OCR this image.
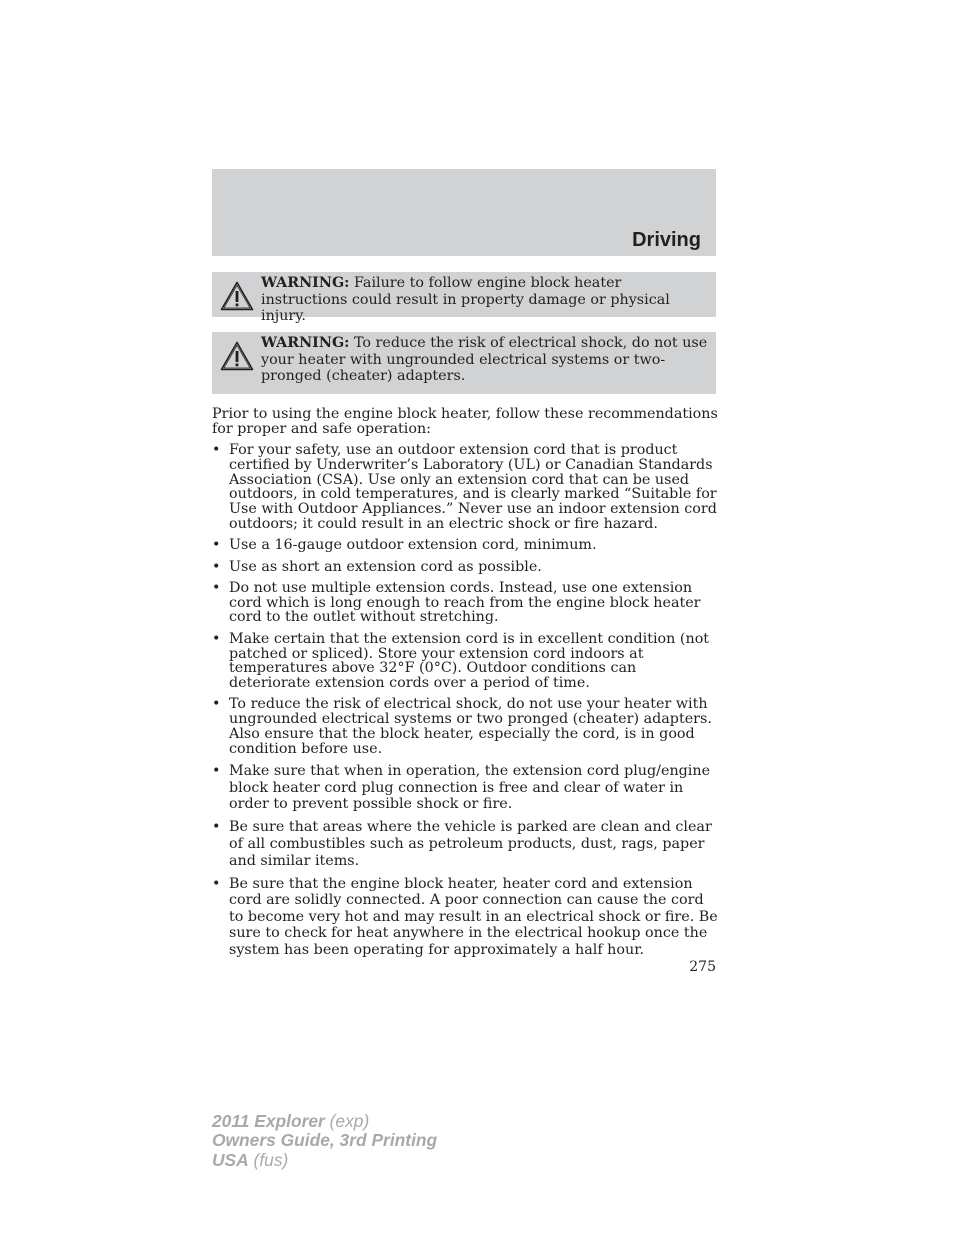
Driving
WARNING: Failure to follow engine block heater instructions could result in property damage or physical injury.
WARNING: To reduce the risk of electrical shock, do not use your heater with ungrounded electrical systems or two-pronged (cheater) adapters.
Prior to using the engine block heater, follow these recommendations for proper and safe operation:
• For your safety, use an outdoor extension cord that is product certified by Underwriter’s Laboratory (UL) or Canadian Standards Association (CSA). Use only an extension cord that can be used outdoors, in cold temperatures, and is clearly marked “Suitable for Use with Outdoor Appliances.” Never use an indoor extension cord outdoors; it could result in an electric shock or fire hazard.
• Use a 16-gauge outdoor extension cord, minimum.
• Use as short an extension cord as possible.
• Do not use multiple extension cords. Instead, use one extension cord which is long enough to reach from the engine block heater cord to the outlet without stretching.
• Make certain that the extension cord is in excellent condition (not patched or spliced). Store your extension cord indoors at temperatures above 32°F (0°C). Outdoor conditions can deteriorate extension cords over a period of time.
• To reduce the risk of electrical shock, do not use your heater with ungrounded electrical systems or two pronged (cheater) adapters. Also ensure that the block heater, especially the cord, is in good condition before use.
• Make sure that when in operation, the extension cord plug/engine block heater cord plug connection is free and clear of water in order to prevent possible shock or fire.
• Be sure that areas where the vehicle is parked are clean and clear of all combustibles such as petroleum products, dust, rags, paper and similar items.
• Be sure that the engine block heater, heater cord and extension cord are solidly connected. A poor connection can cause the cord to become very hot and may result in an electrical shock or fire. Be sure to check for heat anywhere in the electrical hookup once the system has been operating for approximately a half hour.
275
2011 Explorer (exp)
Owners Guide, 3rd Printing
USA (fus)
